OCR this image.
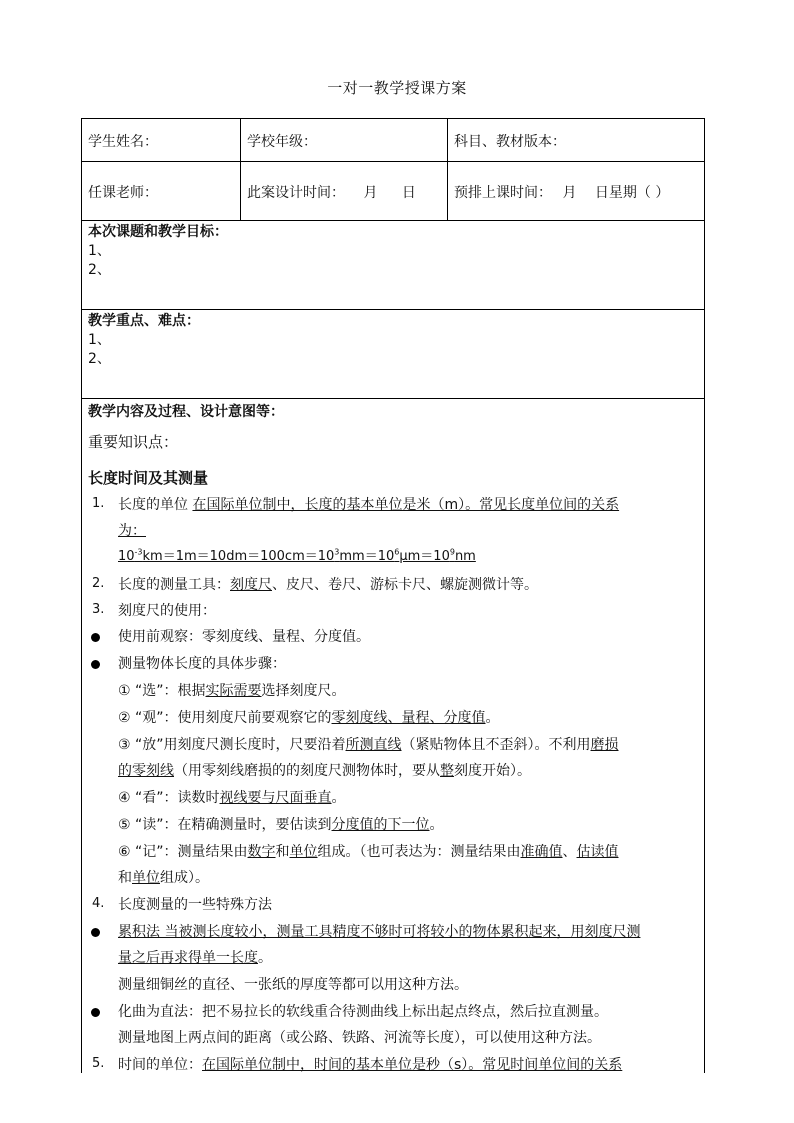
一对一教学授课方案
学生姓名：	学校年级：	科目、教材版本：
任课老师：	此案设计时间： 月 日	预排上课时间： 月 日星期（ ）
本次课题和教学目标：
1、
2、
教学重点、难点：
1、
2、
教学内容及过程、设计意图等：
重要知识点：
长度时间及其测量
1. 长度的单位 在国际单位制中，长度的基本单位是米（m）。常见长度单位间的关系
为：
$10^{-3}km=1m=10dm=100cm=10^3mm=10^6\mu m=10^9nm$
2. 长度的测量工具：刻度尺、皮尺、卷尺、游标卡尺、螺旋测微计等。
3. 刻度尺的使用：
使用前观察：零刻度线、量程、分度值。
测量物体长度的具体步骤：
① “选”：根据实际需要选择刻度尺。
② “观”：使用刻度尺前要观察它的零刻度线、量程、分度值。
③ “放”用刻度尺测长度时，尺要沿着所测直线（紧贴物体且不歪斜）。不利用磨损
的零刻线（用零刻线磨损的的刻度尺测物体时，要从整刻度开始）。
④ “看”：读数时视线要与尺面垂直。
⑤ “读”：在精确测量时，要估读到分度值的下一位。
⑥ “记”：测量结果由数字和单位组成。（也可表达为：测量结果由准确值、估读值
和单位组成）。
4. 长度测量的一些特殊方法
累积法 当被测长度较小，测量工具精度不够时可将较小的物体累积起来，用刻度尺测
量之后再求得单一长度。
测量细铜丝的直径、一张纸的厚度等都可以用这种方法。
化曲为直法：把不易拉长的软线重合待测曲线上标出起点终点，然后拉直测量。
测量地图上两点间的距离（或公路、铁路、河流等长度），可以使用这种方法。
5. 时间的单位：在国际单位制中，时间的基本单位是秒（s）。常见时间单位间的关系
